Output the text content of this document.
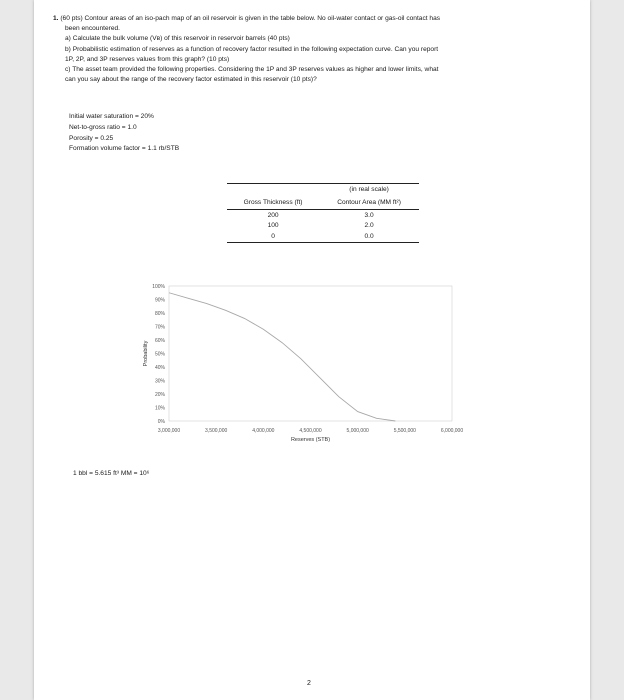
1. (60 pts) Contour areas of an iso-pach map of an oil reservoir is given in the table below. No oil-water contact or gas-oil contact has

been encountered.

a) Calculate the bulk volume (Vʙ) of this reservoir in reservoir barrels (40 pts)

b) Probabilistic estimation of reserves as a function of recovery factor resulted in the following expectation curve. Can you report

1P, 2P, and 3P reserves values from this graph? (10 pts)

c) The asset team provided the following properties. Considering the 1P and 3P reserves values as higher and lower limits, what

can you say about the range of the recovery factor estimated in this reservoir (10 pts)?

Initial water saturation = 20%

Net-to-gross ratio = 1.0

Porosity = 0.25

Formation volume factor = 1.1 rb/STB

	(in real scale)
Gross Thickness (ft)	Contour Area (MM ft²)
200	3.0
100	2.0
0	0.0
0%
10%
20%
30%
40%
50%
60%
70%
80%
90%
100%
3,000,000	3,500,000	4,000,000	4,500,000	5,000,000	5,500,000	6,000,000
Reserves (STB)
Probability
1 bbl = 5.615 ft³ MM = 10⁶
2
